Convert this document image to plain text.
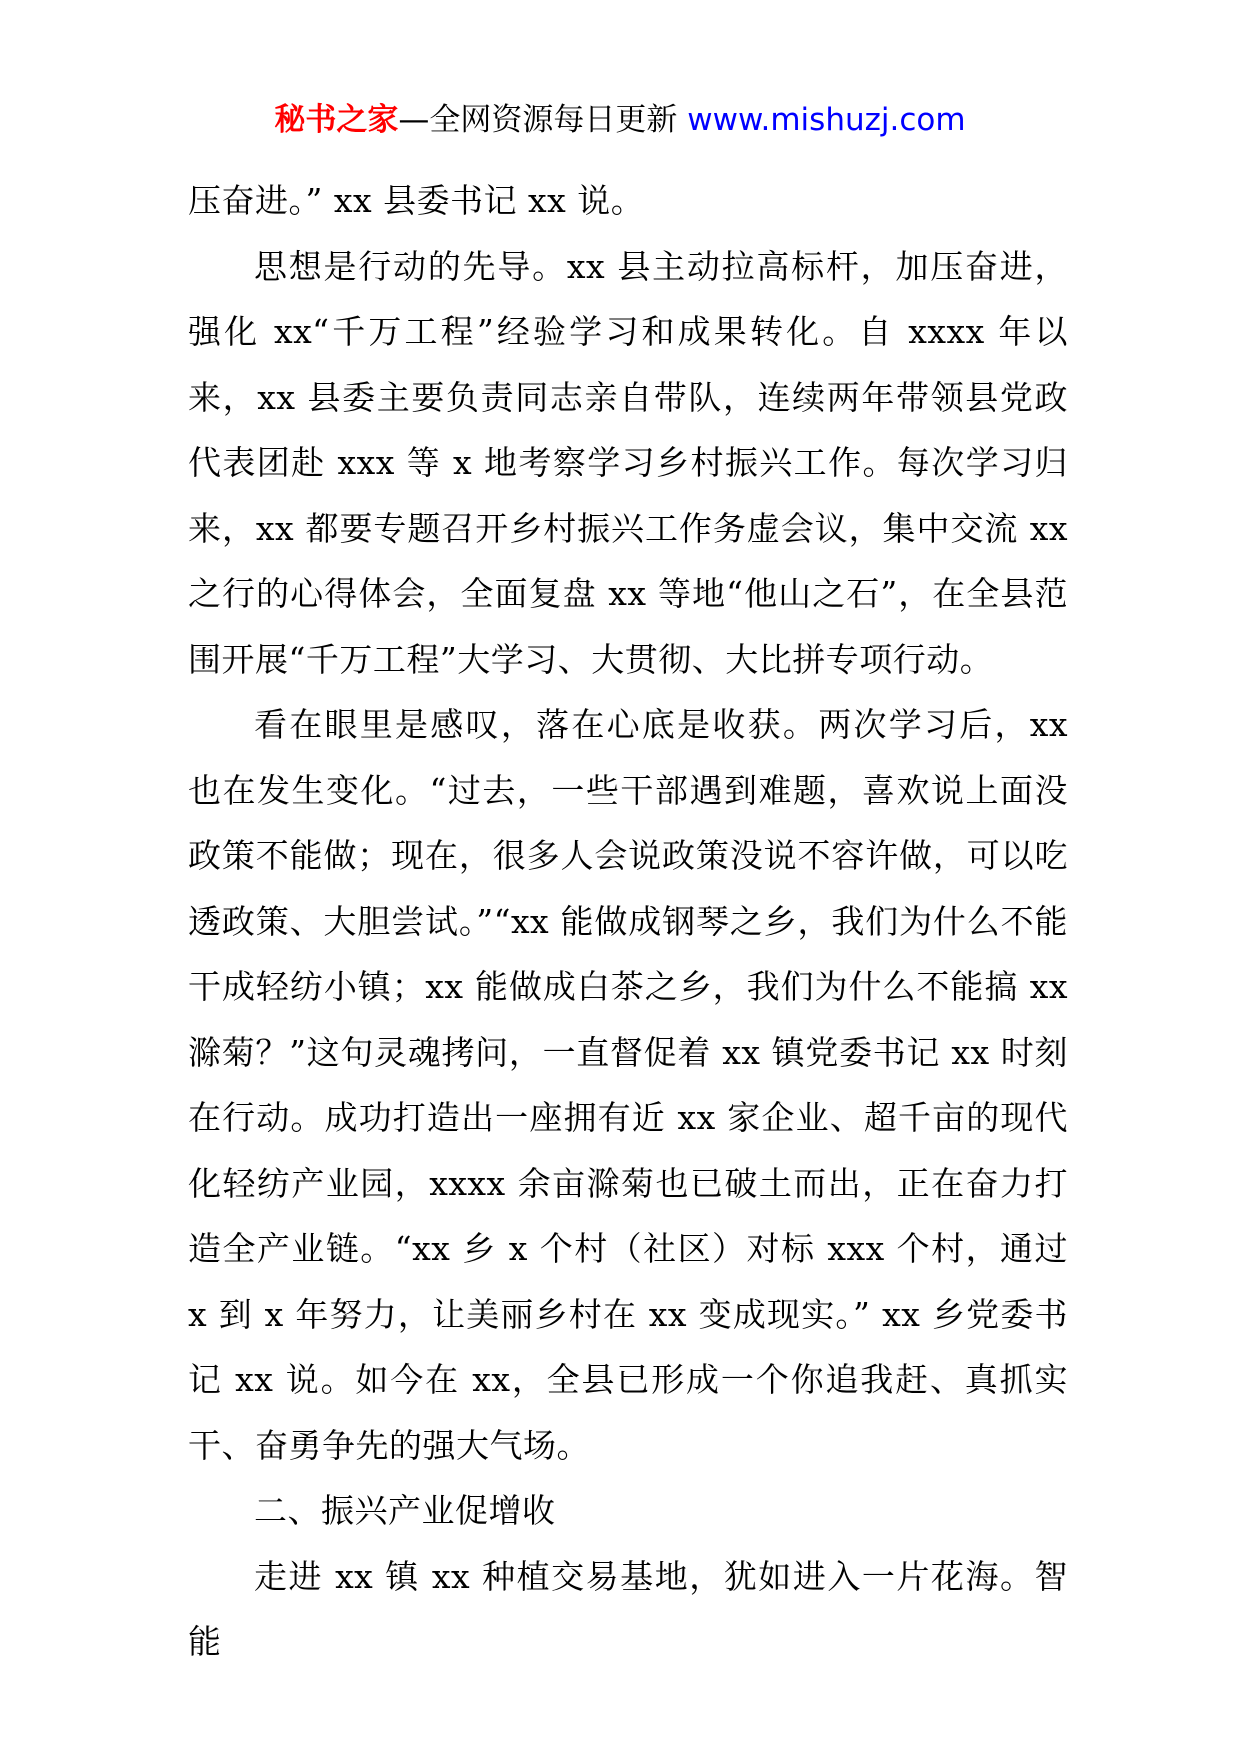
秘书之家—全网资源每日更新 www.mishuzj.com

压奋进。” xx 县委书记 xx 说。

思想是行动的先导。xx 县主动拉高标杆，加压奋进，强化 xx“千万工程”经验学习和成果转化。自 xxxx 年以来，xx 县委主要负责同志亲自带队，连续两年带领县党政代表团赴 xxx 等 x 地考察学习乡村振兴工作。每次学习归来，xx 都要专题召开乡村振兴工作务虚会议，集中交流 xx 之行的心得体会，全面复盘 xx 等地“他山之石”，在全县范围开展“千万工程”大学习、大贯彻、大比拼专项行动。

看在眼里是感叹，落在心底是收获。两次学习后，xx 也在发生变化。“过去，一些干部遇到难题，喜欢说上面没政策不能做；现在，很多人会说政策没说不容许做，可以吃透政策、大胆尝试。”“xx 能做成钢琴之乡，我们为什么不能干成轻纺小镇；xx 能做成白茶之乡，我们为什么不能搞 xx 滁菊？”这句灵魂拷问，一直督促着 xx 镇党委书记 xx 时刻在行动。成功打造出一座拥有近 xx 家企业、超千亩的现代化轻纺产业园，xxxx 余亩滁菊也已破土而出，正在奋力打造全产业链。“xx 乡 x 个村（社区）对标 xxx 个村，通过 x 到 x 年努力，让美丽乡村在 xx 变成现实。” xx 乡党委书记 xx 说。如今在 xx，全县已形成一个你追我赶、真抓实干、奋勇争先的强大气场。

二、振兴产业促增收

走进 xx 镇 xx 种植交易基地，犹如进入一片花海。智能
